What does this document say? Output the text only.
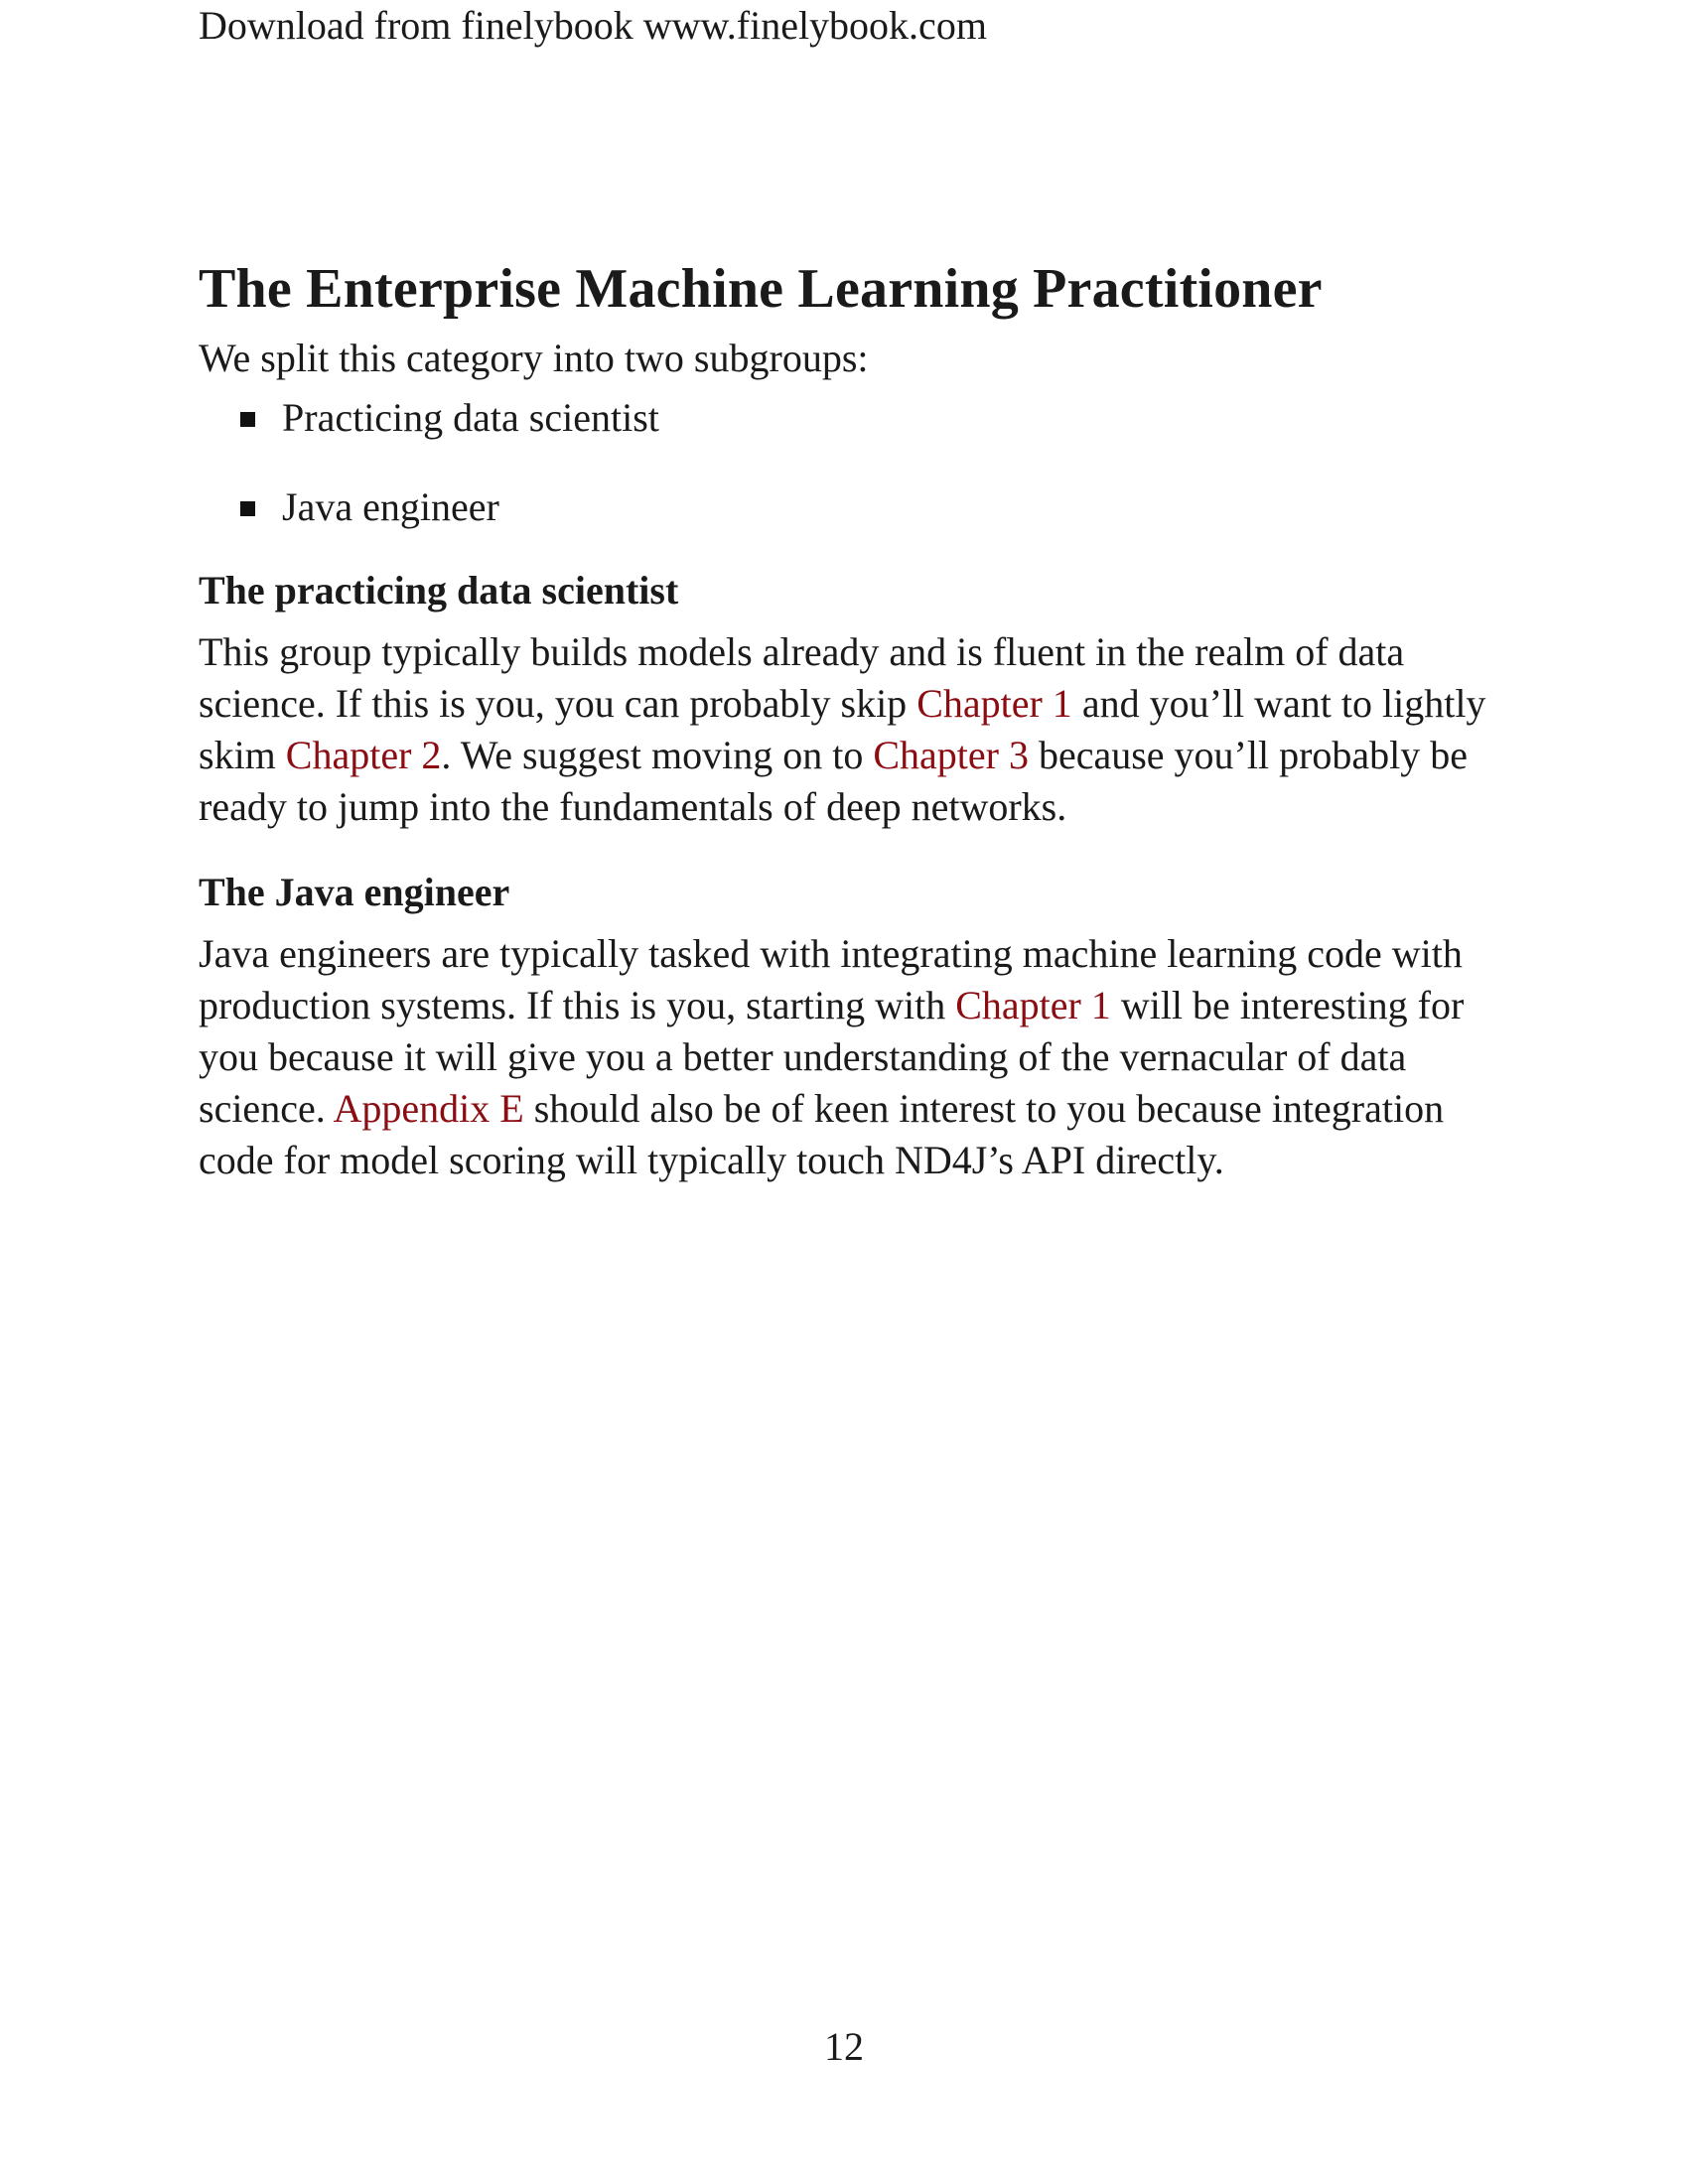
Download from finelybook www.finelybook.com
The Enterprise Machine Learning Practitioner

We split this category into two subgroups:

Practicing data scientist
Java engineer
The practicing data scientist

This group typically builds models already and is fluent in the realm of data science. If this is you, you can probably skip Chapter 1 and you’ll want to lightly skim Chapter 2. We suggest moving on to Chapter 3 because you’ll probably be ready to jump into the fundamentals of deep networks.

The Java engineer

Java engineers are typically tasked with integrating machine learning code with production systems. If this is you, starting with Chapter 1 will be interesting for you because it will give you a better understanding of the vernacular of data science. Appendix E should also be of keen interest to you because integration code for model scoring will typically touch ND4J’s API directly.

12
